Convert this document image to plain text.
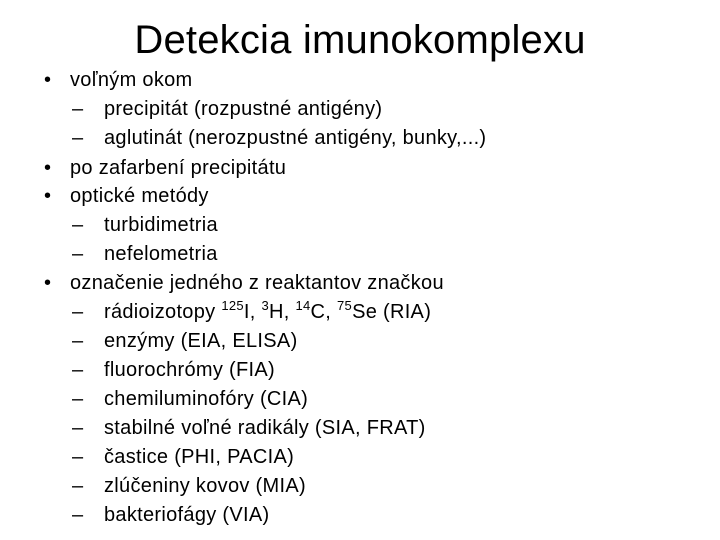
Detekcia imunokomplexu
• voľným okom
– precipitát (rozpustné antigény)
– aglutinát (nerozpustné antigény, bunky,...)
• po zafarbení precipitátu
• optické metódy
– turbidimetria
– nefelometria
• označenie jedného z reaktantov značkou
– rádioizotopy $^{125}$I, $^3$H, $^{14}$C, $^{75}$Se (RIA)
– enzýmy (EIA, ELISA)
– fluorochrómy (FIA)
– chemiluminofóry (CIA)
– stabilné voľné radikály (SIA, FRAT)
– častice (PHI, PACIA)
– zlúčeniny kovov (MIA)
– bakteriofágy (VIA)
